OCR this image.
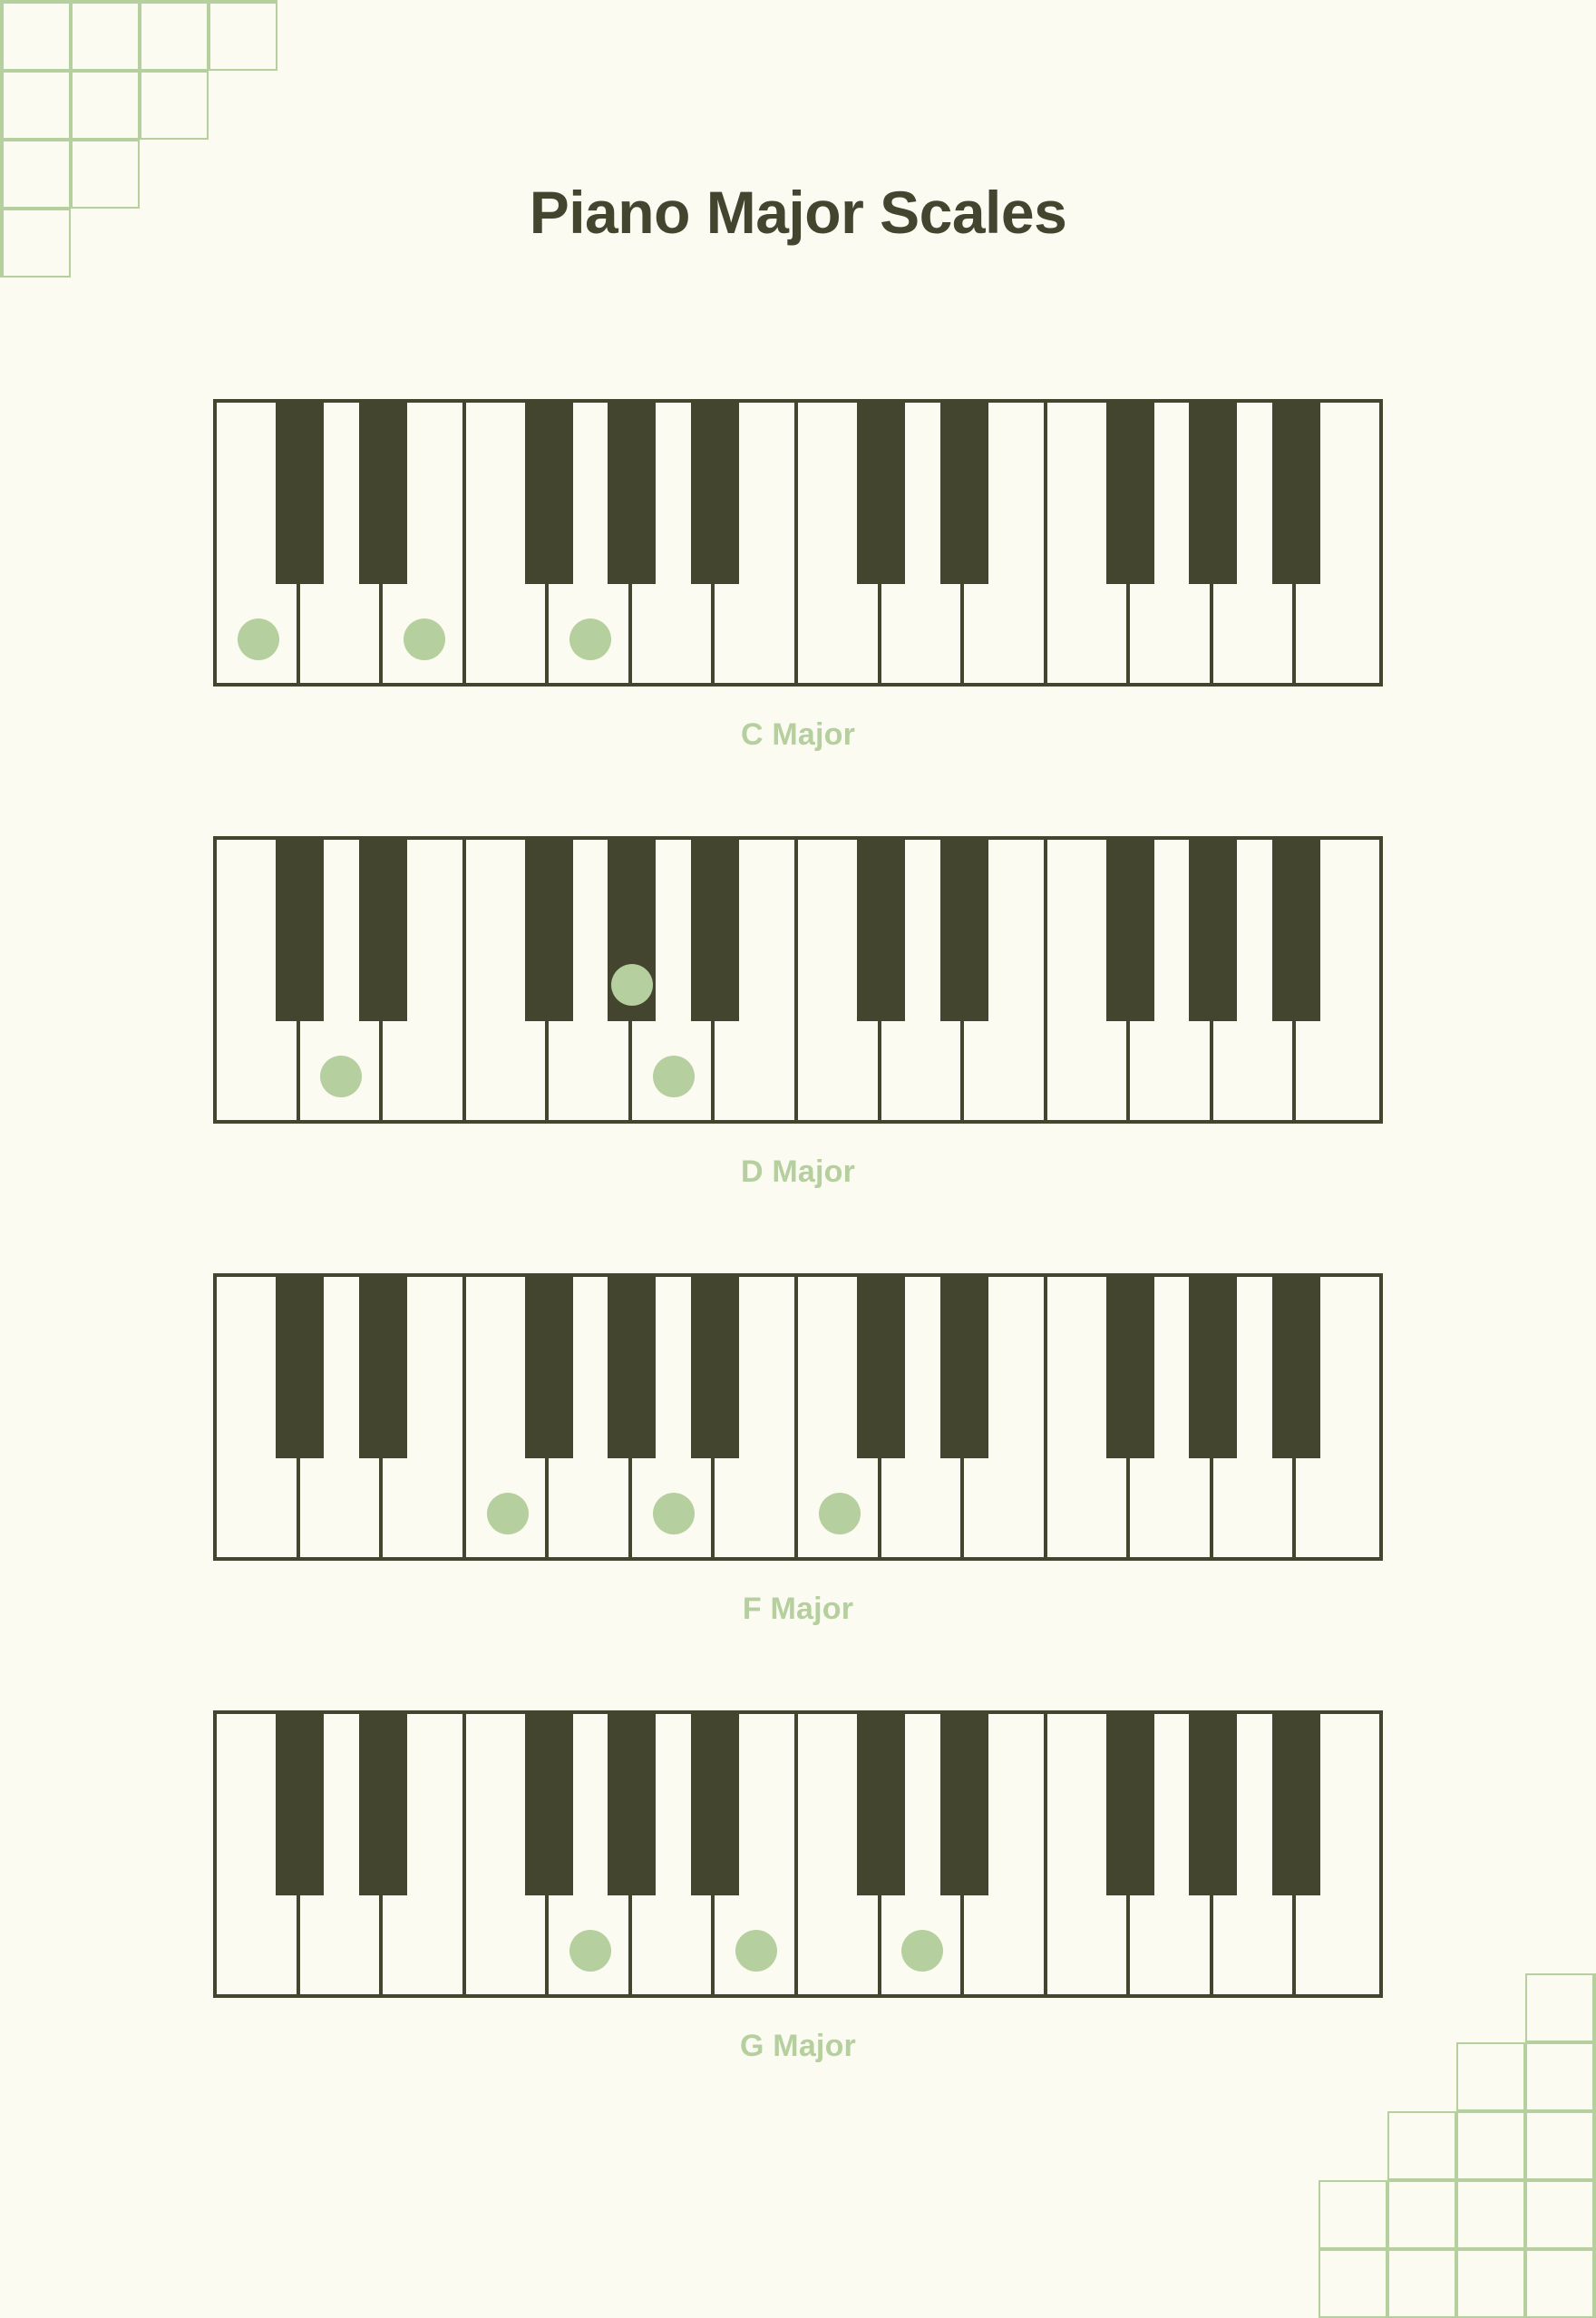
Piano Major Scales
C Major
D Major
F Major
G Major
